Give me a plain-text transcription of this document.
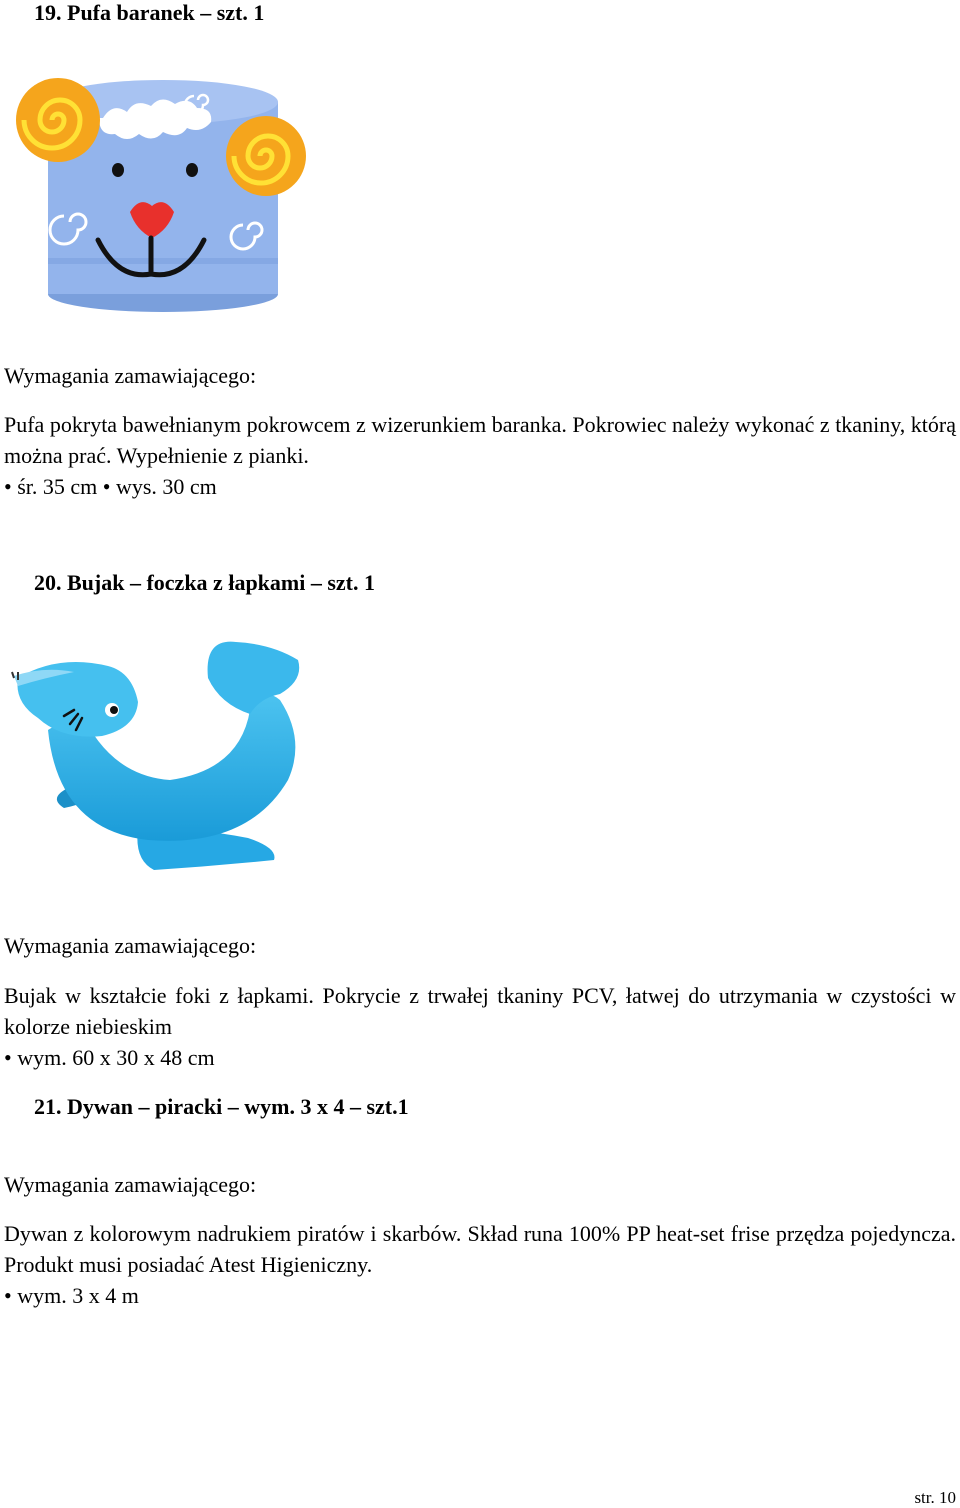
19. Pufa baranek – szt. 1
Wymagania zamawiającego:

Pufa pokryta bawełnianym pokrowcem z wizerunkiem baranka. Pokrowiec należy wykonać z tkaniny, którą można prać. Wypełnienie z pianki.

• śr. 35 cm • wys. 30 cm
20. Bujak – foczka z łapkami – szt. 1
Wymagania zamawiającego:

Bujak w kształcie foki z łapkami. Pokrycie z trwałej tkaniny PCV, łatwej do utrzymania w czystości w kolorze niebieskim

• wym. 60 x 30 x 48 cm
21. Dywan – piracki – wym. 3 x 4 – szt.1
Wymagania zamawiającego:

Dywan z kolorowym nadrukiem piratów i skarbów. Skład runa 100% PP heat-set frise przędza pojedyncza. Produkt musi posiadać Atest Higieniczny.

• wym. 3 x 4 m
str. 10
